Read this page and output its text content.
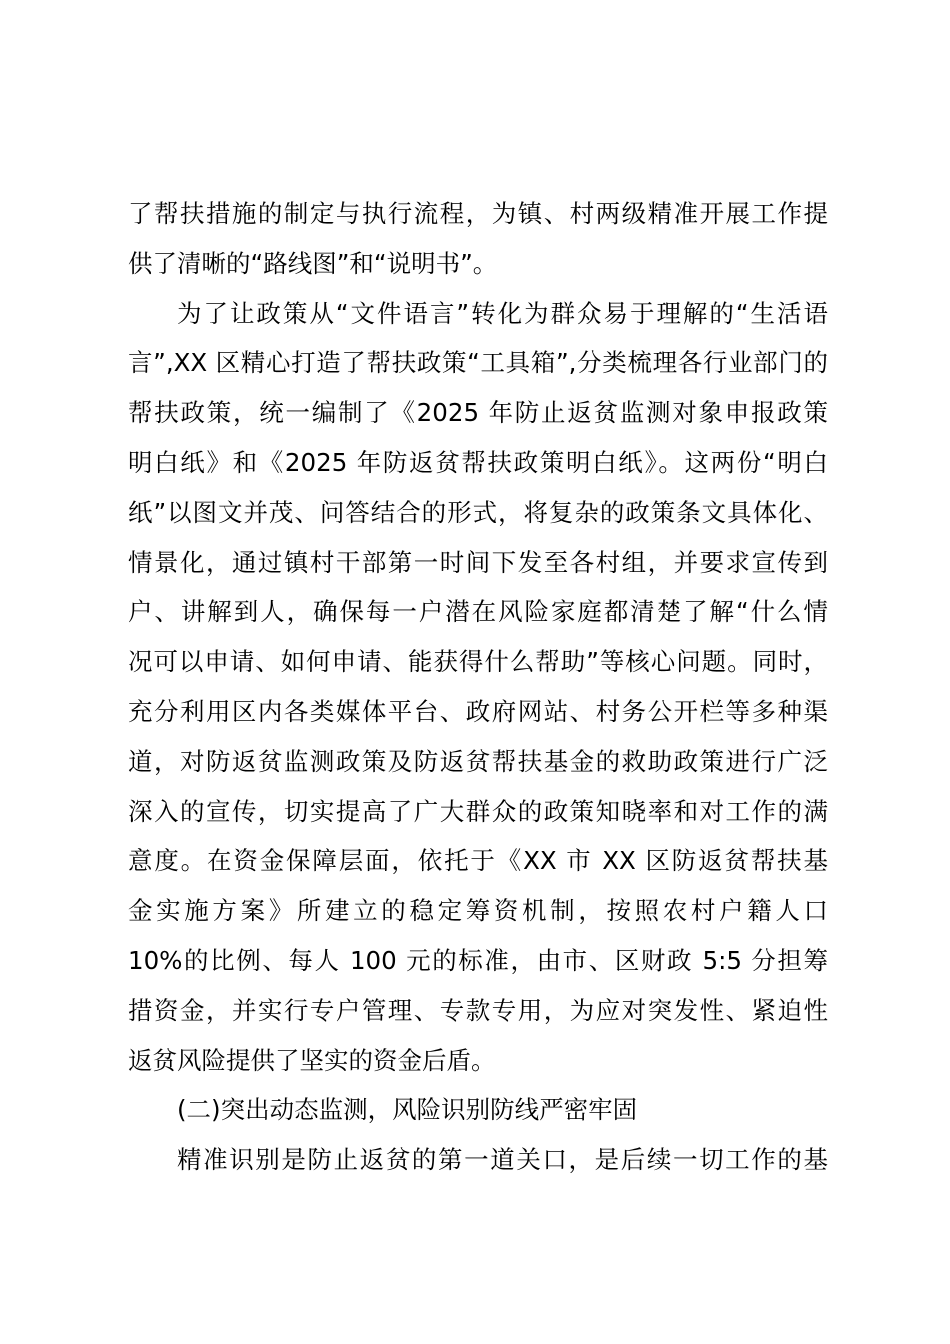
了帮扶措施的制定与执行流程，为镇、村两级精准开展工作提
供了清晰的“路线图”和“说明书”。
为了让政策从“文件语言”转化为群众易于理解的“生活语
言”,XX 区精心打造了帮扶政策“工具箱”,分类梳理各行业部门的
帮扶政策，统一编制了《2025 年防止返贫监测对象申报政策
明白纸》和《2025 年防返贫帮扶政策明白纸》。这两份“明白
纸”以图文并茂、问答结合的形式，将复杂的政策条文具体化、
情景化，通过镇村干部第一时间下发至各村组，并要求宣传到
户、讲解到人，确保每一户潜在风险家庭都清楚了解“什么情
况可以申请、如何申请、能获得什么帮助”等核心问题。同时，
充分利用区内各类媒体平台、政府网站、村务公开栏等多种渠
道，对防返贫监测政策及防返贫帮扶基金的救助政策进行广泛
深入的宣传，切实提高了广大群众的政策知晓率和对工作的满
意度。在资金保障层面，依托于《XX 市 XX 区防返贫帮扶基
金实施方案》所建立的稳定筹资机制，按照农村户籍人口
10%的比例、每人 100 元的标准，由市、区财政 5:5 分担筹
措资金，并实行专户管理、专款专用，为应对突发性、紧迫性
返贫风险提供了坚实的资金后盾。
(二)突出动态监测，风险识别防线严密牢固
精准识别是防止返贫的第一道关口，是后续一切工作的基
